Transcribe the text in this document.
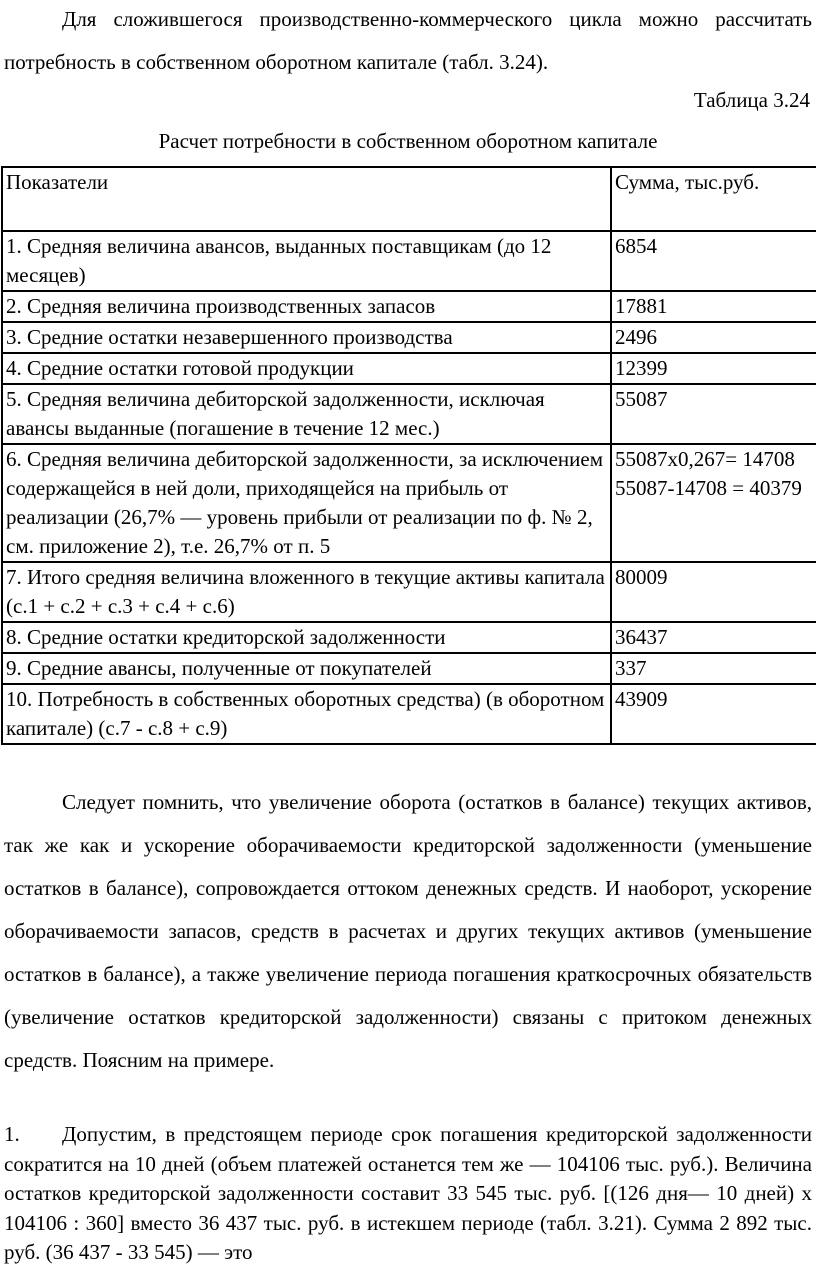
Для сложившегося производственно-коммерческого цикла можно рассчитать потребность в собственном оборотном капитале (табл. 3.24).

Таблица 3.24
Расчет потребности в собственном оборотном капитале
Показатели	Сумма, тыс.руб.
1. Средняя величина авансов, выданных поставщикам (до 12 месяцев)	6854
2. Средняя величина производственных запасов	17881
3. Средние остатки незавершенного производства	2496
4. Средние остатки готовой продукции	12399
5. Средняя величина дебиторской задолженности, исключая авансы выданные (погашение в течение 12 мес.)	55087
6. Средняя величина дебиторской задолженности, за исключением содержащейся в ней доли, приходящейся на прибыль от реализации (26,7% — уровень прибыли от реализации по ф. № 2, см. приложение 2), т.е. 26,7% от п. 5	55087x0,267= 14708 55087-14708 = 40379
7. Итого средняя величина вложенного в текущие активы капитала (с.1 + с.2 + с.3 + с.4 + с.6)	80009
8. Средние остатки кредиторской задолженности	36437
9. Средние авансы, полученные от покупателей	337
10. Потребность в собственных оборотных средства) (в оборотном капитале) (с.7 - с.8 + с.9)	43909

Следует помнить, что увеличение оборота (остатков в балансе) текущих активов, так же как и ускорение оборачиваемости кредиторской задолженности (уменьшение остатков в балансе), сопровождается оттоком денежных средств. И наоборот, ускорение оборачиваемости запасов, средств в расчетах и других текущих активов (уменьшение остатков в балансе), а также увеличение периода погашения краткосрочных обязательств (увеличение остатков кредиторской задолженности) связаны с притоком денежных средств. Поясним на примере.

1. Допустим, в предстоящем периоде срок погашения кредиторской задолженности сократится на 10 дней (объем платежей останется тем же — 104106 тыс. руб.). Величина остатков кредиторской задолженности составит 33 545 тыс. руб. [(126 дня— 10 дней) х 104106 : 360] вместо 36 437 тыс. руб. в истекшем периоде (табл. 3.21). Сумма 2 892 тыс. руб. (36 437 - 33 545) — это
